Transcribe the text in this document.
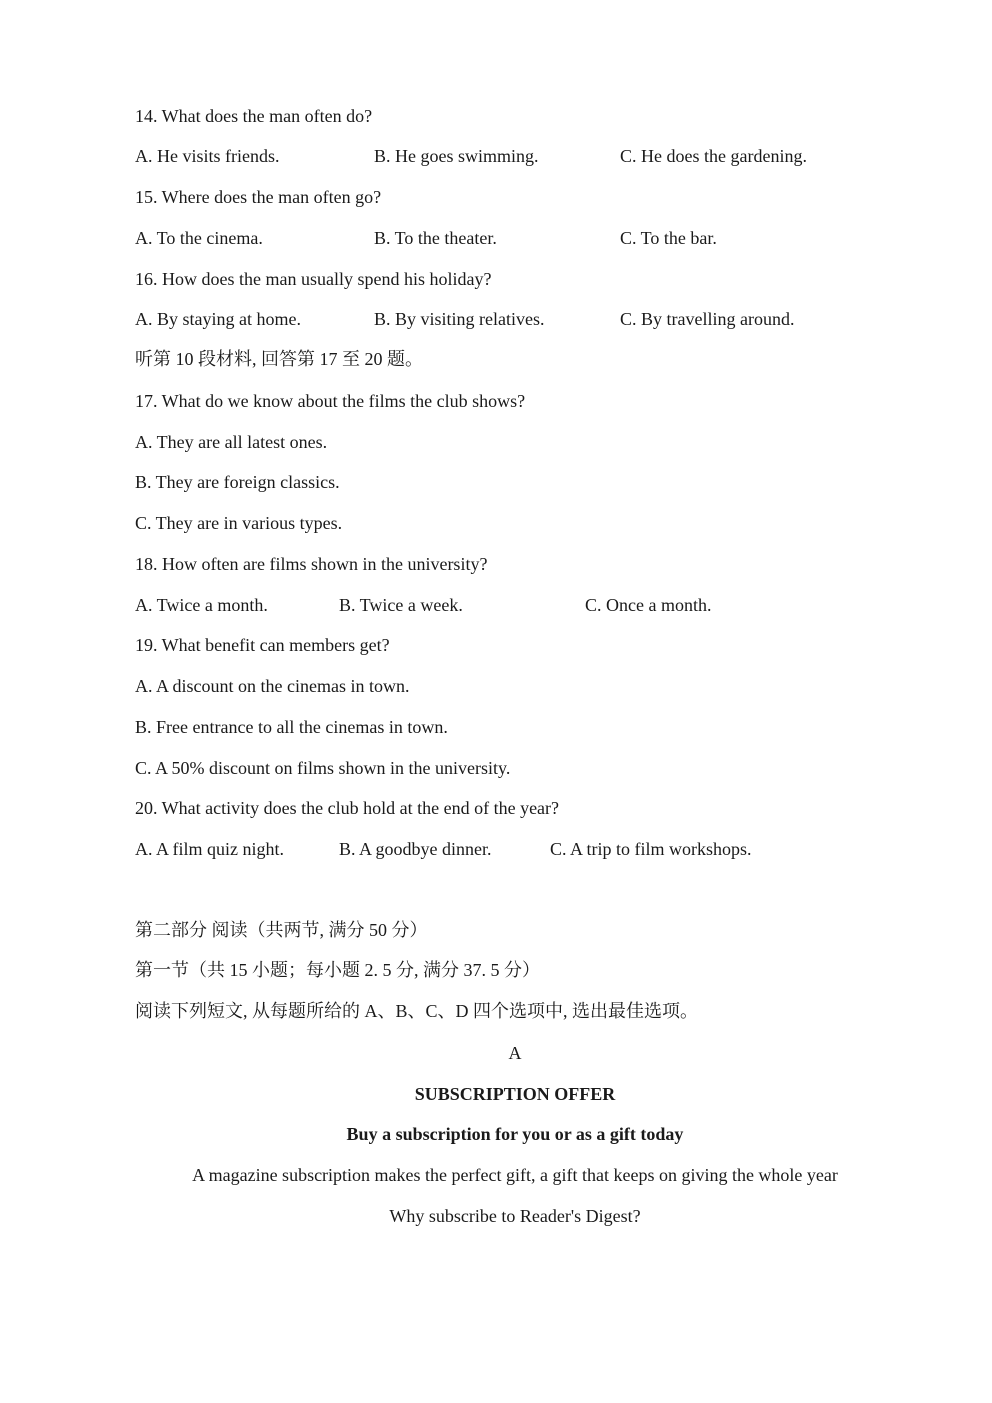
14. What does the man often do?
A. He visits friends.	B. He goes swimming.	C. He does the gardening.
15. Where does the man often go?
A. To the cinema.	B. To the theater.	C. To the bar.
16. How does the man usually spend his holiday?
A. By staying at home.	B. By visiting relatives.	C. By travelling around.
听第 10 段材料, 回答第 17 至 20 题。
17. What do we know about the films the club shows?
A. They are all latest ones.
B. They are foreign classics.
C. They are in various types.
18. How often are films shown in the university?
A. Twice a month.	B. Twice a week.	C. Once a month.
19. What benefit can members get?
A. A discount on the cinemas in town.
B. Free entrance to all the cinemas in town.
C. A 50% discount on films shown in the university.
20. What activity does the club hold at the end of the year?
A. A film quiz night.	B. A goodbye dinner.	C. A trip to film workshops.
第二部分 阅读（共两节, 满分 50 分）
第一节（共 15 小题；每小题 2. 5 分, 满分 37. 5 分）
阅读下列短文, 从每题所给的 A、B、C、D 四个选项中, 选出最佳选项。
A
SUBSCRIPTION OFFER
Buy a subscription for you or as a gift today
A magazine subscription makes the perfect gift, a gift that keeps on giving the whole year
Why subscribe to Reader's Digest?
